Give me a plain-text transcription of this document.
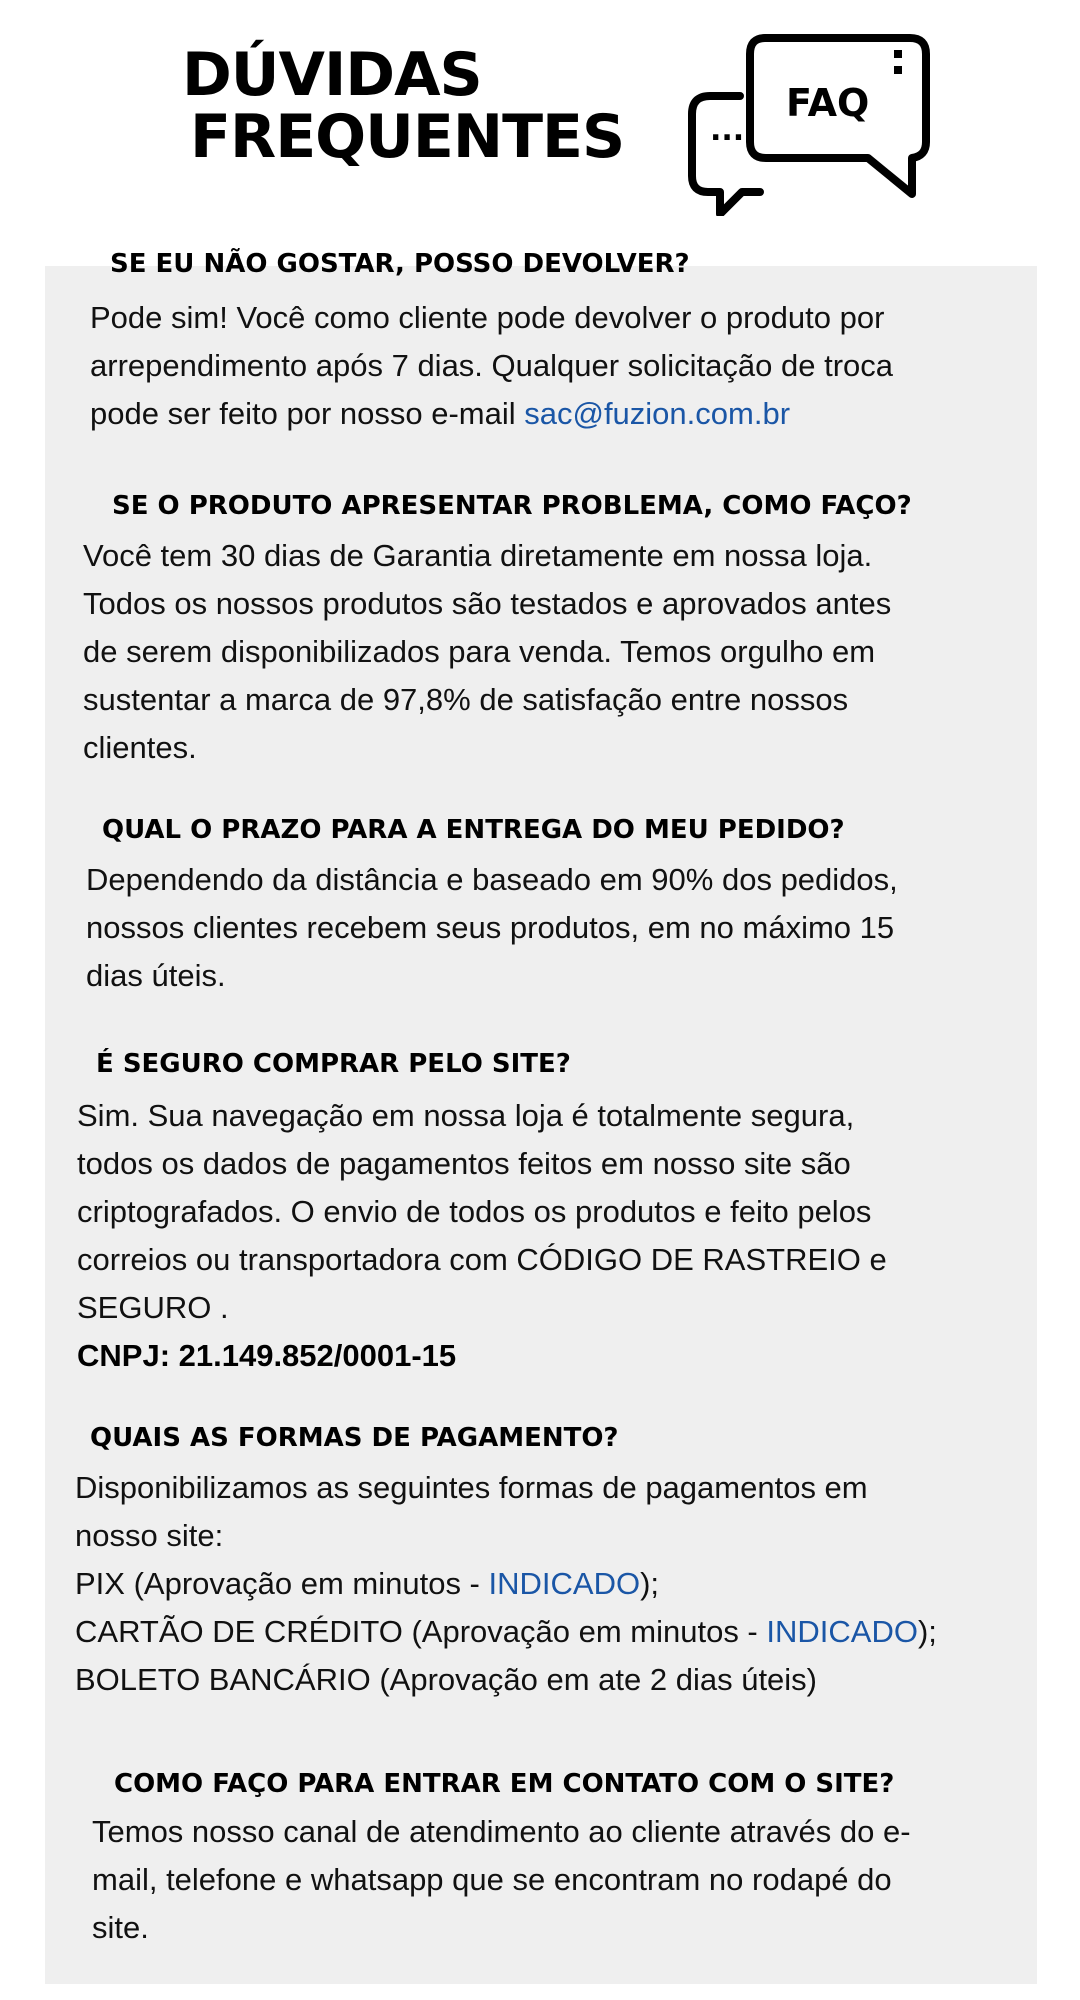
DÚVIDAS
FREQUENTES	...
FAQ
SE EU NÃO GOSTAR, POSSO DEVOLVER?
Pode sim! Você como cliente pode devolver o produto por
arrependimento após 7 dias. Qualquer solicitação de troca
pode ser feito por nosso e-mail sac@fuzion.com.br
SE O PRODUTO APRESENTAR PROBLEMA, COMO FAÇO?
Você tem 30 dias de Garantia diretamente em nossa loja.
Todos os nossos produtos são testados e aprovados antes
de serem disponibilizados para venda. Temos orgulho em
sustentar a marca de 97,8% de satisfação entre nossos
clientes.
QUAL O PRAZO PARA A ENTREGA DO MEU PEDIDO?
Dependendo da distância e baseado em 90% dos pedidos,
nossos clientes recebem seus produtos, em no máximo 15
dias úteis.
É SEGURO COMPRAR PELO SITE?
Sim. Sua navegação em nossa loja é totalmente segura,
todos os dados de pagamentos feitos em nosso site são
criptografados. O envio de todos os produtos e feito pelos
correios ou transportadora com CÓDIGO DE RASTREIO e
SEGURO .
CNPJ: 21.149.852/0001-15
QUAIS AS FORMAS DE PAGAMENTO?
Disponibilizamos as seguintes formas de pagamentos em
nosso site:
PIX (Aprovação em minutos - INDICADO);
CARTÃO DE CRÉDITO (Aprovação em minutos - INDICADO);
BOLETO BANCÁRIO (Aprovação em ate 2 dias úteis)
COMO FAÇO PARA ENTRAR EM CONTATO COM O SITE?
Temos nosso canal de atendimento ao cliente através do e-
mail, telefone e whatsapp que se encontram no rodapé do
site.
